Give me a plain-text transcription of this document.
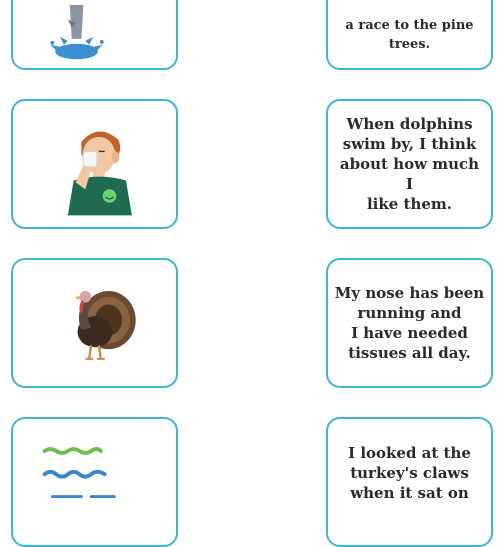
a race to the pine
trees.
When dolphins
swim by, I think
about how much I
like them.
My nose has been
running and
I have needed
tissues all day.
I looked at the
turkey's claws
when it sat on
